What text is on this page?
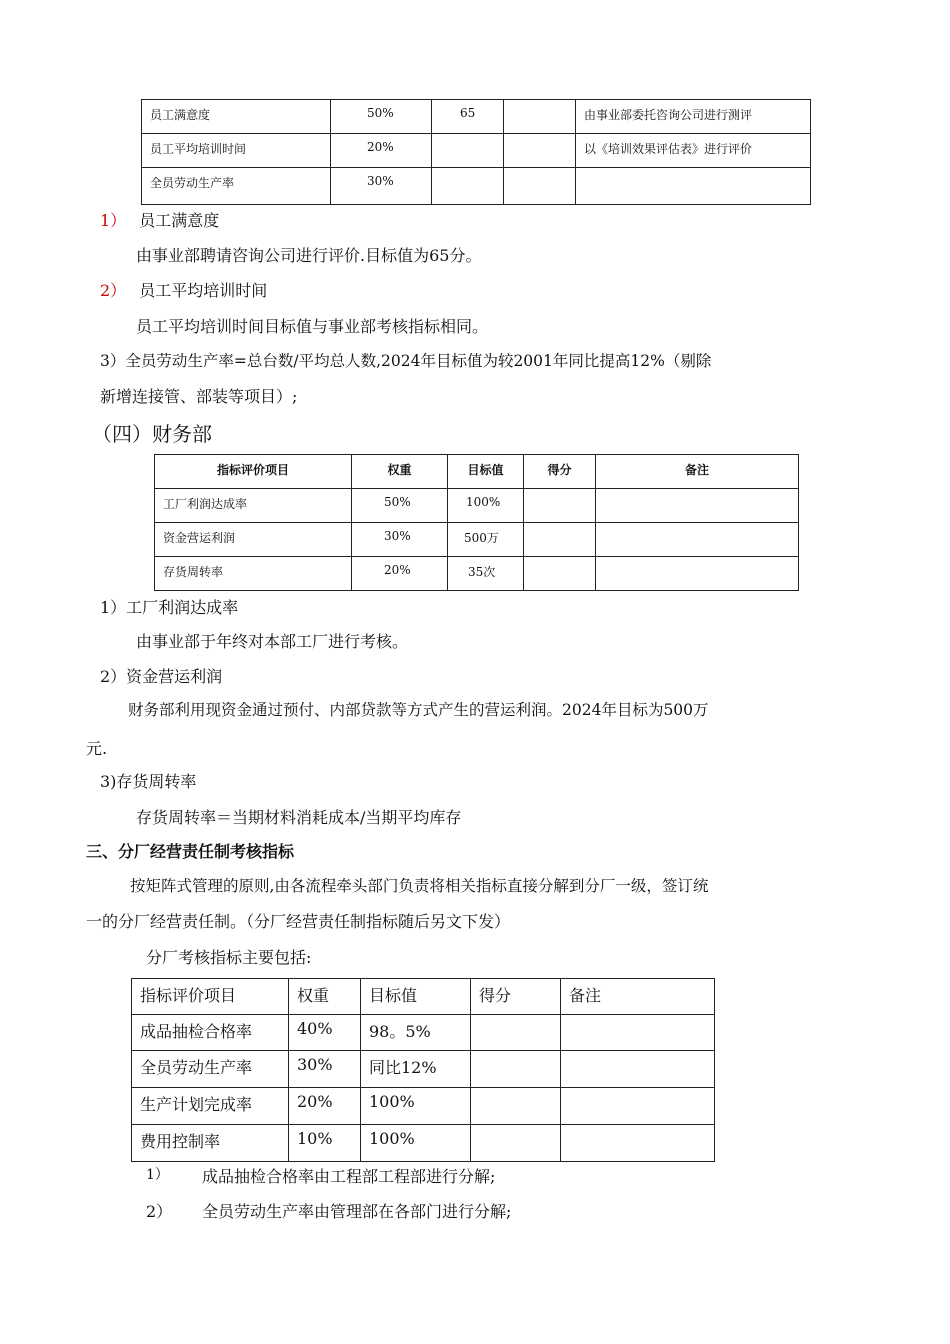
员工满意度	50%	65		由事业部委托咨询公司进行测评
员工平均培训时间	20%			以《培训效果评估表》进行评价
全员劳动生产率	30%			
1） 员工满意度
由事业部聘请咨询公司进行评价.目标值为65分。
2） 员工平均培训时间
员工平均培训时间目标值与事业部考核指标相同。
3）全员劳动生产率=总台数/平均总人数,2024年目标值为较2001年同比提高12%（剔除
新增连接管、部装等项目）;
（四）财务部
指标评价项目	权重	目标值	得分	备注
工厂利润达成率	50%	100%		
资金营运利润	30%	500万		
存货周转率	20%	35次		
1）工厂利润达成率
由事业部于年终对本部工厂进行考核。
2）资金营运利润
财务部利用现资金通过预付、内部贷款等方式产生的营运利润。2024年目标为500万
元.
3)存货周转率
存货周转率＝当期材料消耗成本/当期平均库存
三、分厂经营责任制考核指标
按矩阵式管理的原则,由各流程牵头部门负责将相关指标直接分解到分厂一级，签订统
一的分厂经营责任制。（分厂经营责任制指标随后另文下发）
分厂考核指标主要包括:
指标评价项目	权重	目标值	得分	备注
成品抽检合格率	40%	98。5%		
全员劳动生产率	30%	同比12%		
生产计划完成率	20%	100%		
费用控制率	10%	100%		
1） 成品抽检合格率由工程部工程部进行分解;
2） 全员劳动生产率由管理部在各部门进行分解;
